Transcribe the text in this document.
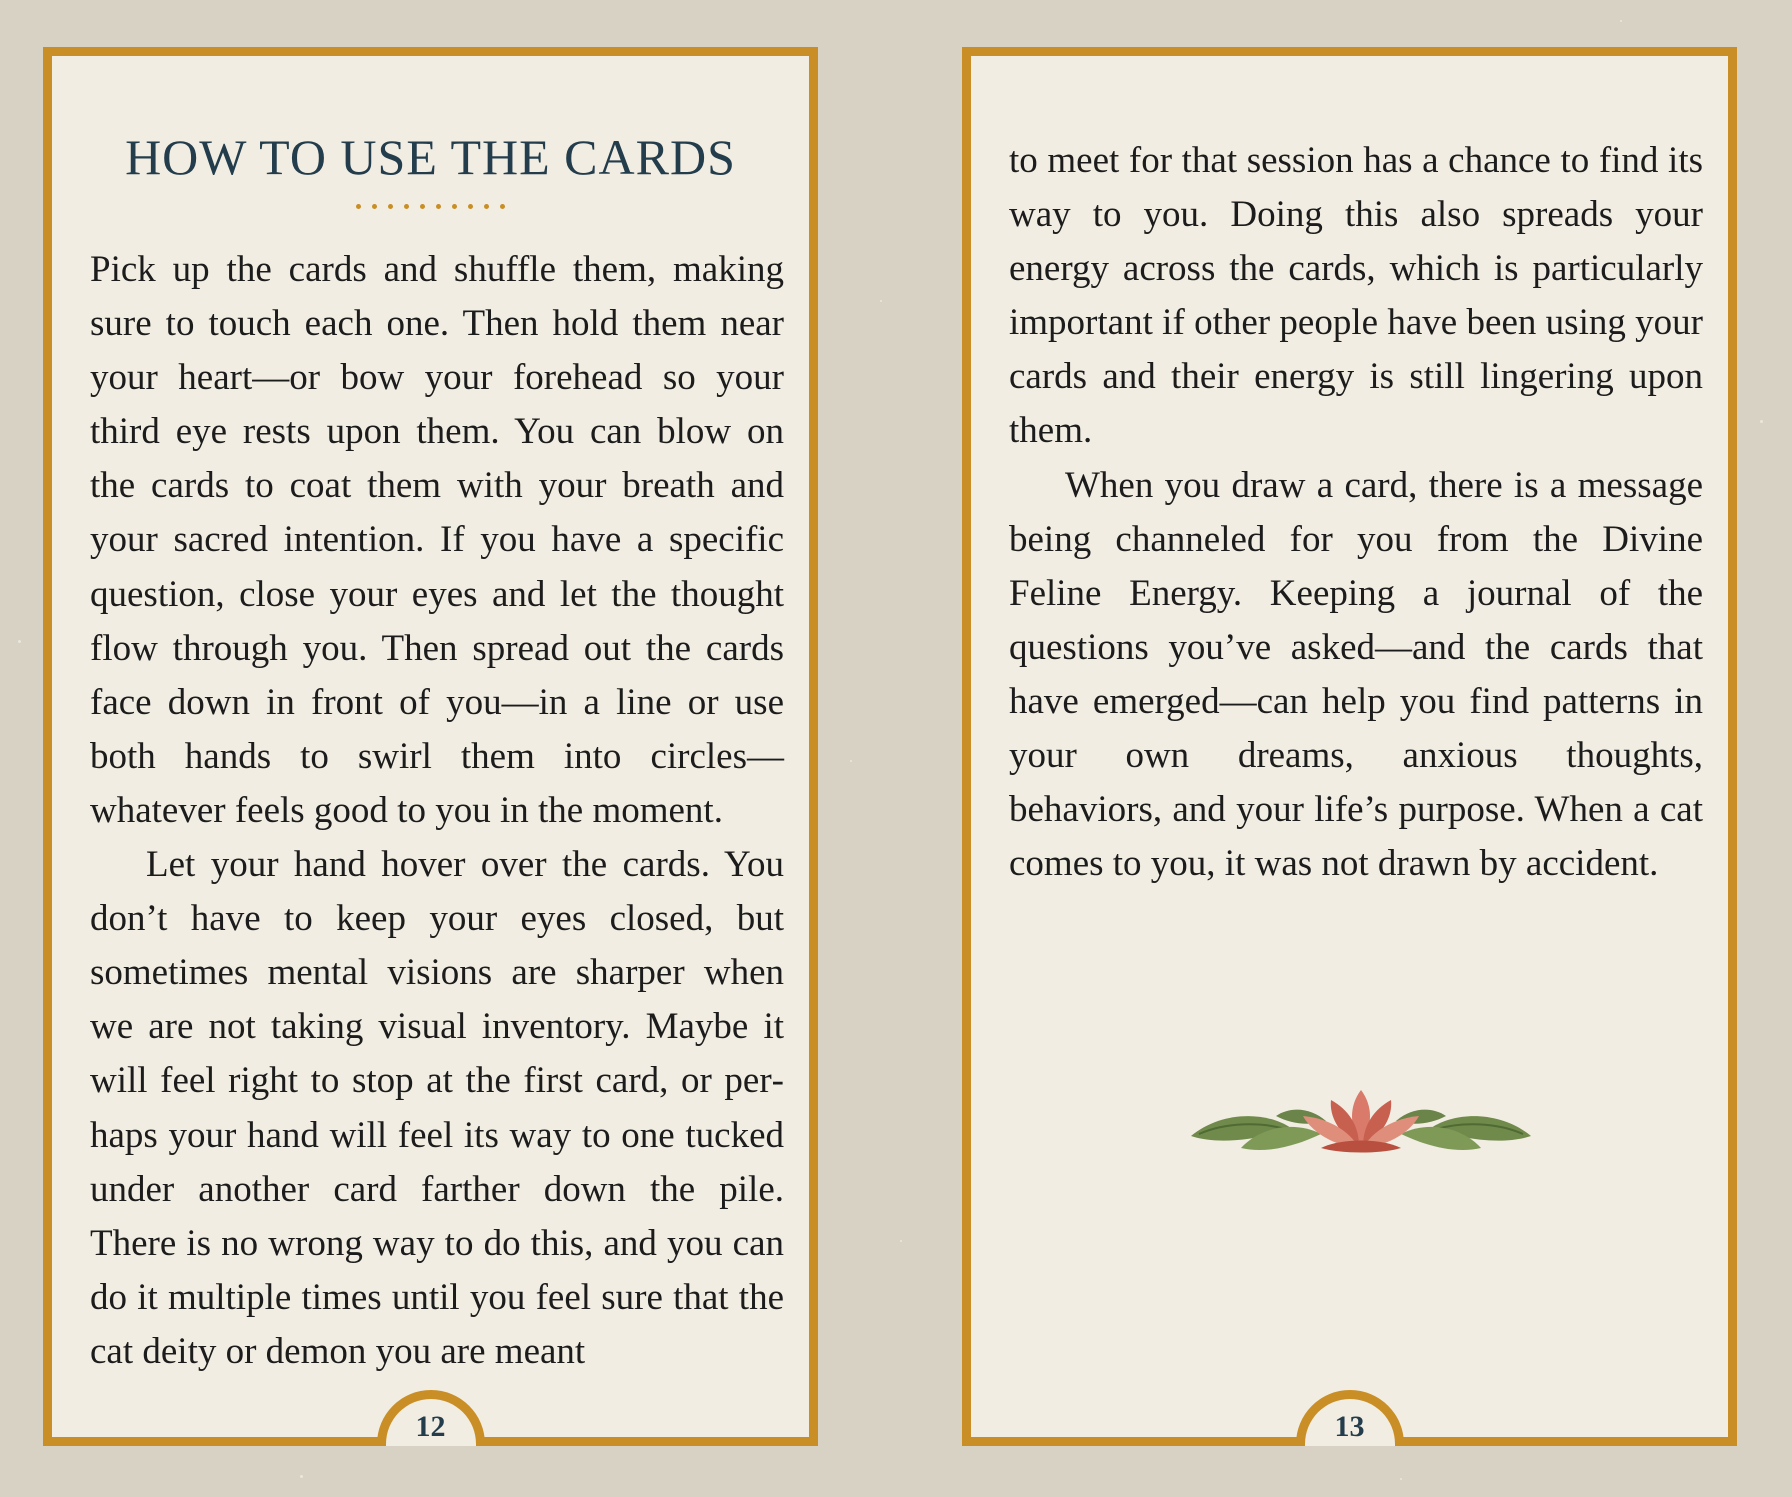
HOW TO USE THE CARDS

Pick up the cards and shuffle them, making sure to touch each one. Then hold them near your heart—or bow your forehead so your third eye rests upon them. You can blow on the cards to coat them with your breath and your sacred intention. If you have a specific question, close your eyes and let the thought flow through you. Then spread out the cards face down in front of you—in a line or use both hands to swirl them into circles—whatever feels good to you in the moment.

Let your hand hover over the cards. You don’t have to keep your eyes closed, but sometimes mental visions are sharper when we are not taking visual inventory. Maybe it will feel right to stop at the first card, or perhaps your hand will feel its way to one tucked under another card farther down the pile. There is no wrong way to do this, and you can do it multiple times until you feel sure that the cat deity or demon you are meant

12

to meet for that session has a chance to find its way to you. Doing this also spreads your energy across the cards, which is particularly important if other people have been using your cards and their energy is still lingering upon them.

When you draw a card, there is a message being channeled for you from the Divine Feline Energy. Keeping a journal of the questions you’ve asked—and the cards that have emerged—can help you find patterns in your own dreams, anxious thoughts, behaviors, and your life’s purpose. When a cat comes to you, it was not drawn by accident.

13
